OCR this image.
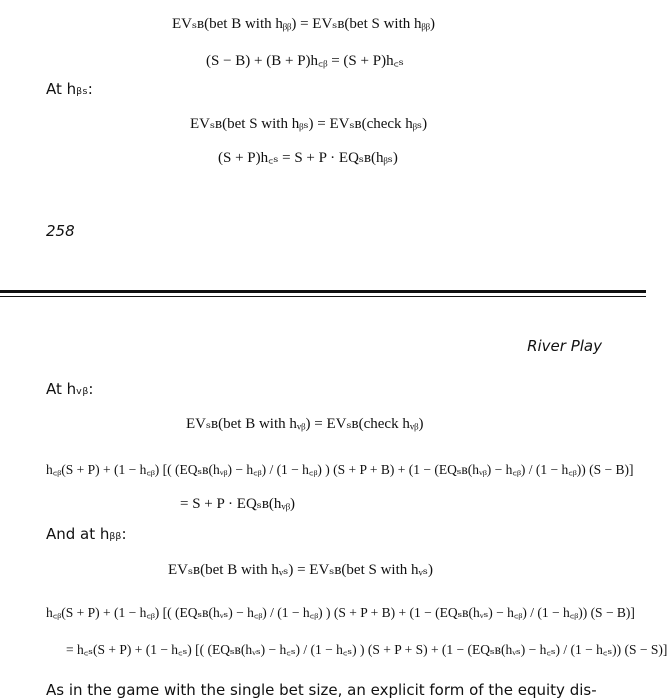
EVₛʙ(bet B with hᵦᵦ) = EVₛʙ(bet S with hᵦᵦ)
(S − B) + (B + P)h꜀ᵦ = (S + P)h꜀ₛ
At hᵦₛ:
EVₛʙ(bet S with hᵦₛ) = EVₛʙ(check hᵦₛ)
(S + P)h꜀ₛ = S + P · EQₛʙ(hᵦₛ)
258
River Play
At hᵥᵦ:
EVₛʙ(bet B with hᵥᵦ) = EVₛʙ(check hᵥᵦ)
h꜀ᵦ(S + P) + (1 − h꜀ᵦ) [( (EQₛʙ(hᵥᵦ) − h꜀ᵦ) / (1 − h꜀ᵦ) ) (S + P + B) + (1 − (EQₛʙ(hᵥᵦ) − h꜀ᵦ) / (1 − h꜀ᵦ)) (S − B)]
= S + P · EQₛʙ(hᵥᵦ)
And at hᵦᵦ:
EVₛʙ(bet B with hᵥₛ) = EVₛʙ(bet S with hᵥₛ)
h꜀ᵦ(S + P) + (1 − h꜀ᵦ) [( (EQₛʙ(hᵥₛ) − h꜀ᵦ) / (1 − h꜀ᵦ) ) (S + P + B) + (1 − (EQₛʙ(hᵥₛ) − h꜀ᵦ) / (1 − h꜀ᵦ)) (S − B)]
= h꜀ₛ(S + P) + (1 − h꜀ₛ) [( (EQₛʙ(hᵥₛ) − h꜀ₛ) / (1 − h꜀ₛ) ) (S + P + S) + (1 − (EQₛʙ(hᵥₛ) − h꜀ₛ) / (1 − h꜀ₛ)) (S − S)]
As in the game with the single bet size, an explicit form of the equity dis-
